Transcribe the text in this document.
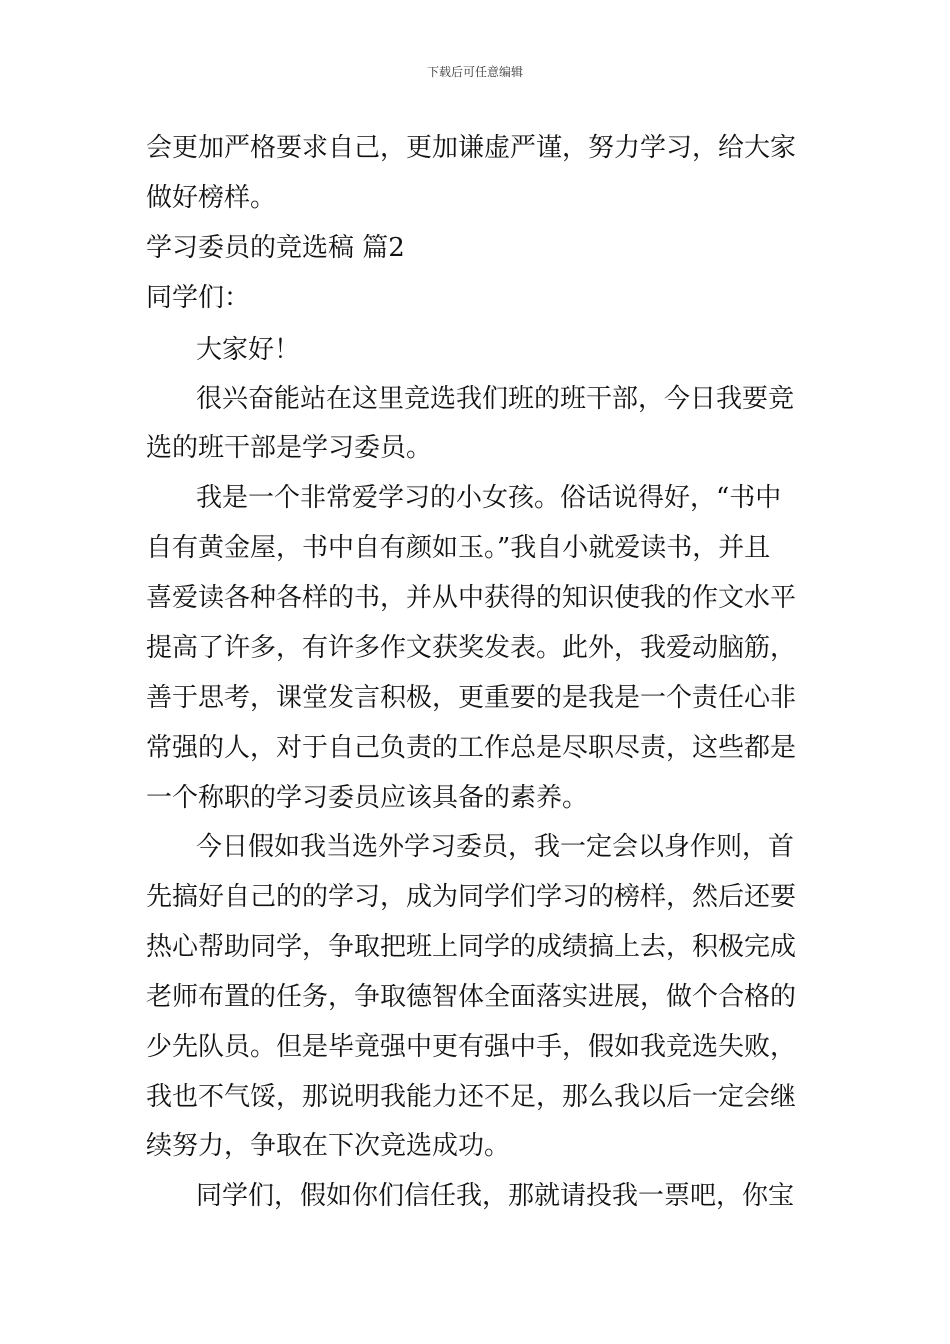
下载后可任意编辑
会更加严格要求自己，更加谦虚严谨，努力学习，给大家
做好榜样。
学习委员的竞选稿 篇2
同学们：
大家好！
很兴奋能站在这里竞选我们班的班干部，今日我要竞
选的班干部是学习委员。
我是一个非常爱学习的小女孩。俗话说得好，“书中
自有黄金屋，书中自有颜如玉。”我自小就爱读书，并且
喜爱读各种各样的书，并从中获得的知识使我的作文水平
提高了许多，有许多作文获奖发表。此外，我爱动脑筋，
善于思考，课堂发言积极，更重要的是我是一个责任心非
常强的人，对于自己负责的工作总是尽职尽责，这些都是
一个称职的学习委员应该具备的素养。
今日假如我当选外学习委员，我一定会以身作则，首
先搞好自己的的学习，成为同学们学习的榜样，然后还要
热心帮助同学，争取把班上同学的成绩搞上去，积极完成
老师布置的任务，争取德智体全面落实进展，做个合格的
少先队员。但是毕竟强中更有强中手，假如我竞选失败，
我也不气馁，那说明我能力还不足，那么我以后一定会继
续努力，争取在下次竞选成功。
同学们，假如你们信任我，那就请投我一票吧，你宝
